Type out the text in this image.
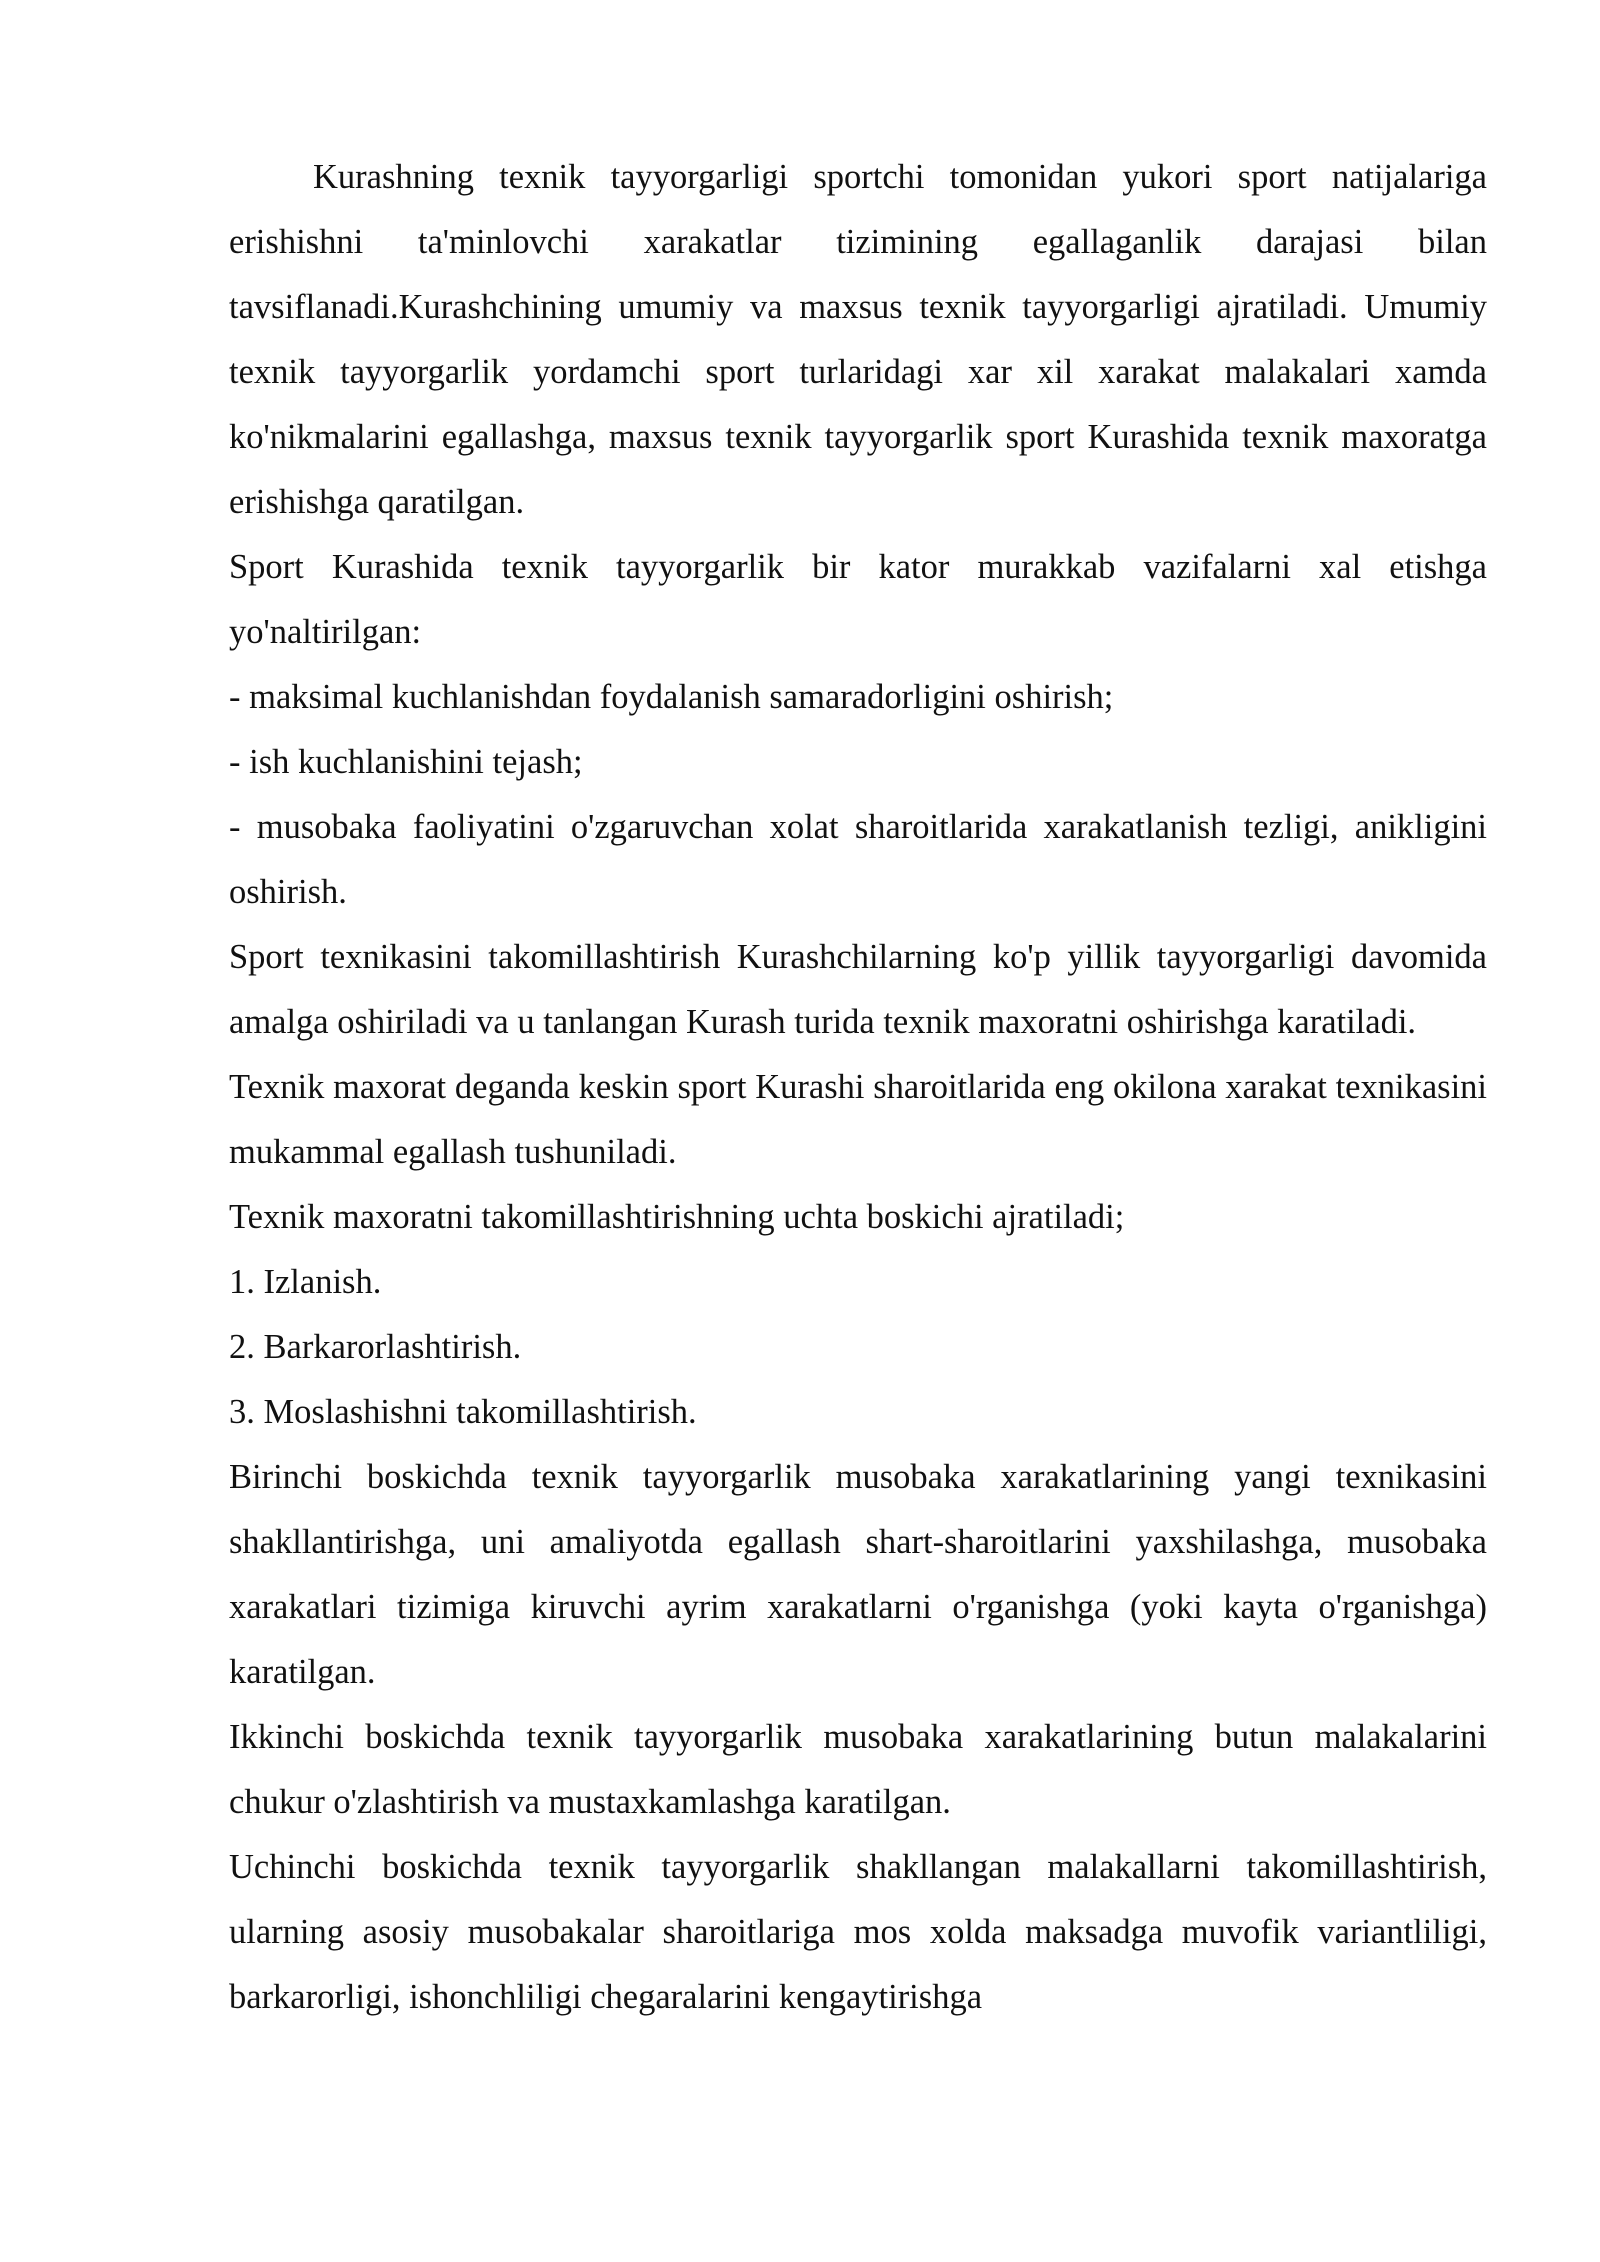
Kurashning texnik tayyorgarligi sportchi tomonidan yukori sport natijalariga erishishni ta'minlovchi xarakatlar tizimining egallaganlik darajasi bilan tavsiflanadi.Kurashchining umumiy va maxsus texnik tayyorgarligi ajratiladi. Umumiy texnik tayyorgarlik yordamchi sport turlaridagi xar xil xarakat malakalari xamda ko'nikmalarini egallashga, maxsus texnik tayyorgarlik sport Kurashida texnik maxoratga erishishga qaratilgan.

Sport Kurashida texnik tayyorgarlik bir kator murakkab vazifalarni xal etishga yo'naltirilgan:

- maksimal kuchlanishdan foydalanish samaradorligini oshirish;

- ish kuchlanishini tejash;

- musobaka faoliyatini o'zgaruvchan xolat sharoitlarida xarakatlanish tezligi, anikligini oshirish.

Sport texnikasini takomillashtirish Kurashchilarning ko'p yillik tayyorgarligi davomida amalga oshiriladi va u tanlangan Kurash turida texnik maxoratni oshirishga karatiladi.

Texnik maxorat deganda keskin sport Kurashi sharoitlarida eng okilona xarakat texnikasini mukammal egallash tushuniladi.

Texnik maxoratni takomillashtirishning uchta boskichi ajratiladi;

1. Izlanish.

2. Barkarorlashtirish.

3. Moslashishni takomillashtirish.

Birinchi boskichda texnik tayyorgarlik musobaka xarakatlarining yangi texnikasini shakllantirishga, uni amaliyotda egallash shart-sharoitlarini yaxshilashga, musobaka xarakatlari tizimiga kiruvchi ayrim xarakatlarni o'rganishga (yoki kayta o'rganishga) karatilgan.

Ikkinchi boskichda texnik tayyorgarlik musobaka xarakatlarining butun malakalarini chukur o'zlashtirish va mustaxkamlashga karatilgan.

Uchinchi boskichda texnik tayyorgarlik shakllangan malakallarni takomillashtirish, ularning asosiy musobakalar sharoitlariga mos xolda maksadga muvofik variantliligi, barkarorligi, ishonchliligi chegaralarini kengaytirishga
